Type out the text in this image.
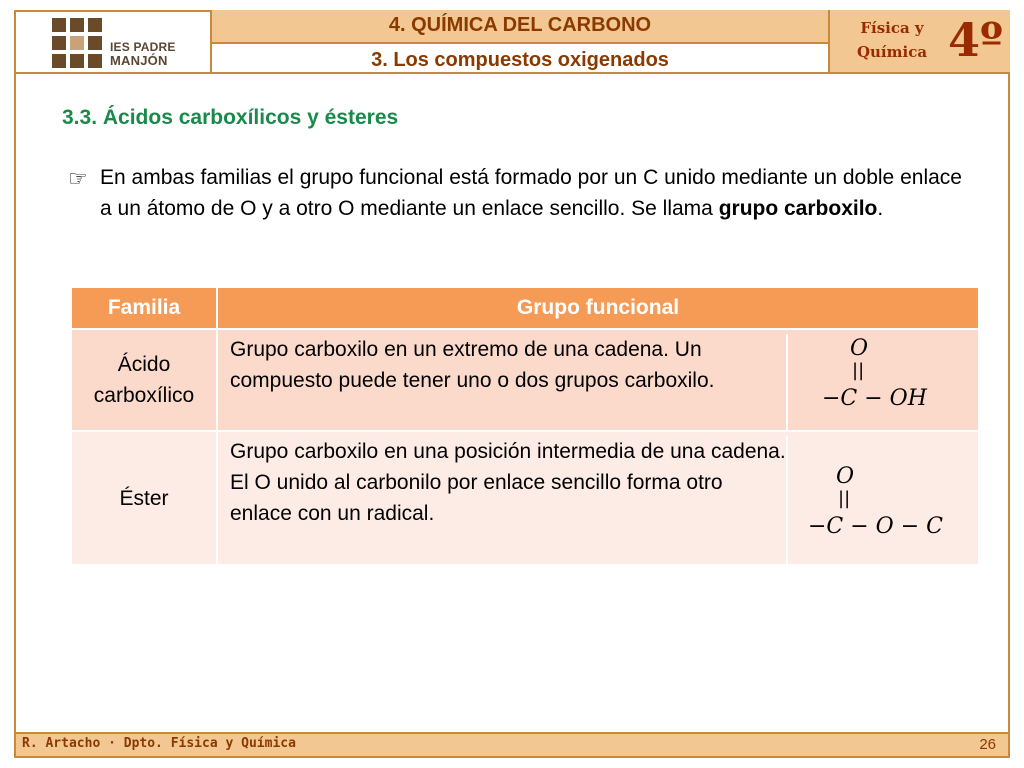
IES PADRE
MANJÓN
4. QUÍMICA DEL CARBONO
3. Los compuestos oxigenados
Física y
Química 4º
3.3. Ácidos carboxílicos y ésteres
☞ En ambas familias el grupo funcional está formado por un C unido mediante un doble enlace a un átomo de O y a otro O mediante un enlace sencillo. Se llama grupo carboxilo.
Familia	Grupo funcional
Ácido
carboxílico
Grupo carboxilo en un extremo de una cadena. Un compuesto puede tener uno o dos grupos carboxilo.
O
||
−C − OH
Éster
Grupo carboxilo en una posición intermedia de una cadena.
El O unido al carbonilo por enlace sencillo forma otro enlace con un radical.
O
||
−C − O − C
R. Artacho · Dpto. Física y Química	26
